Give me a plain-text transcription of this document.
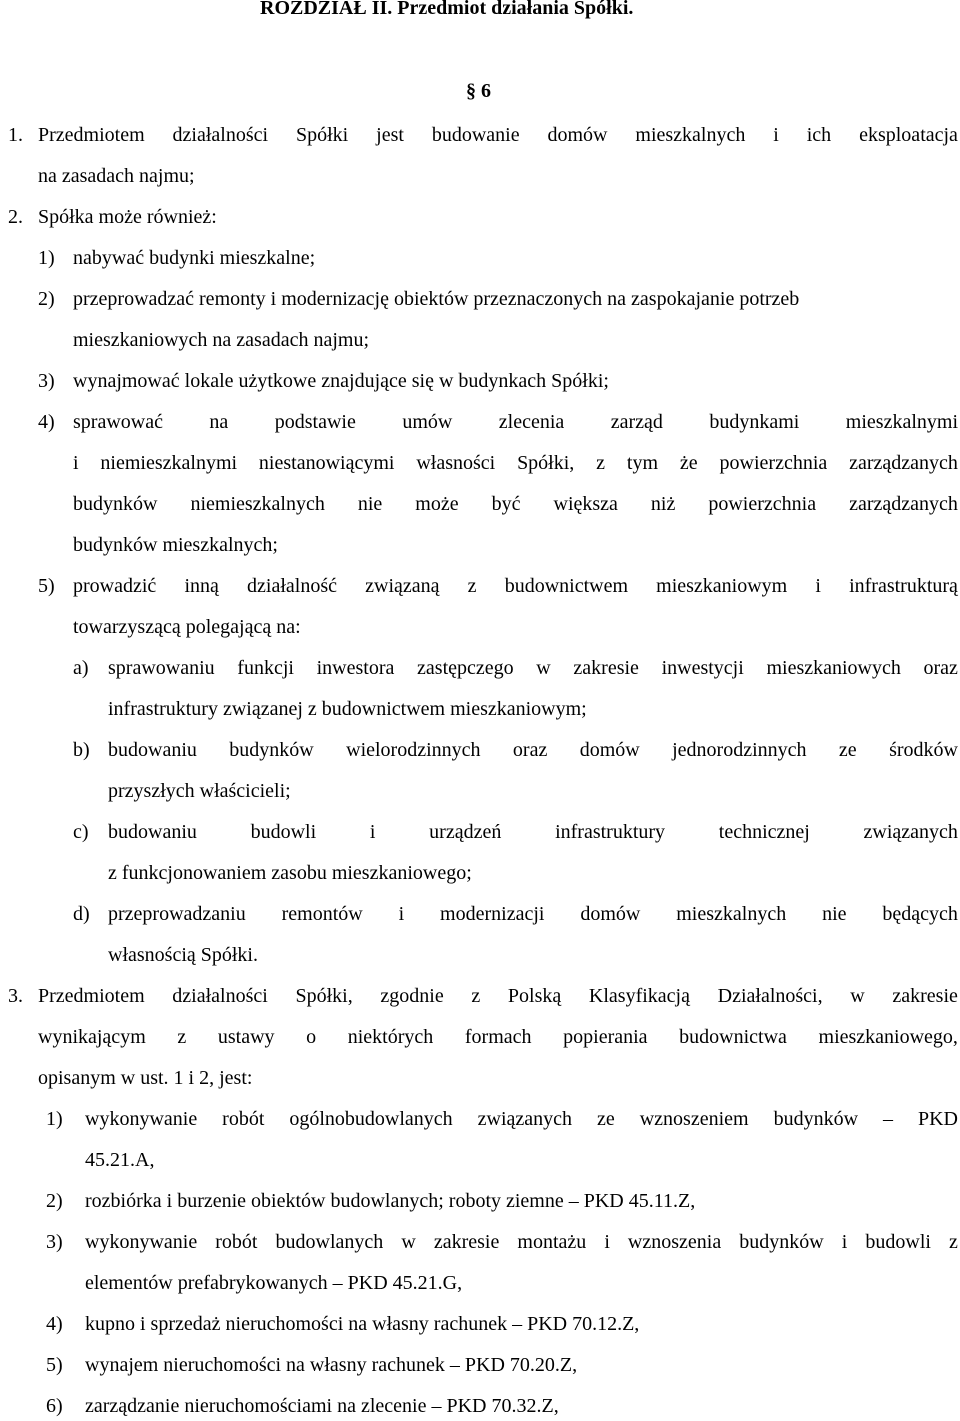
ROZDZIAŁ II. Przedmiot działania Spółki.
§ 6
1. Przedmiotem działalności Spółki jest budowanie domów mieszkalnych i ich eksploatacja
na zasadach najmu;
2. Spółka może również:
1) nabywać budynki mieszkalne;
2) przeprowadzać remonty i modernizację obiektów przeznaczonych na zaspokajanie potrzeb
mieszkaniowych na zasadach najmu;
3) wynajmować lokale użytkowe znajdujące się w budynkach Spółki;
4) sprawować na podstawie umów zlecenia zarząd budynkami mieszkalnymi
i niemieszkalnymi niestanowiącymi własności Spółki, z tym że powierzchnia zarządzanych
budynków niemieszkalnych nie może być większa niż powierzchnia zarządzanych
budynków mieszkalnych;
5) prowadzić inną działalność związaną z budownictwem mieszkaniowym i infrastrukturą
towarzyszącą polegającą na:
a) sprawowaniu funkcji inwestora zastępczego w zakresie inwestycji mieszkaniowych oraz
infrastruktury związanej z budownictwem mieszkaniowym;
b) budowaniu budynków wielorodzinnych oraz domów jednorodzinnych ze środków
przyszłych właścicieli;
c) budowaniu	budowli	i	urządzeń	infrastruktury	technicznej	związanych
z funkcjonowaniem zasobu mieszkaniowego;
d) przeprowadzaniu remontów i modernizacji domów mieszkalnych nie będących
własnością Spółki.
3. Przedmiotem działalności Spółki, zgodnie z Polską Klasyfikacją Działalności, w zakresie
wynikającym z ustawy o niektórych formach popierania budownictwa mieszkaniowego,
opisanym w ust. 1 i 2, jest:
1) wykonywanie robót ogólnobudowlanych związanych ze wznoszeniem budynków – PKD
45.21.A,
2) rozbiórka i burzenie obiektów budowlanych; roboty ziemne – PKD 45.11.Z,
3) wykonywanie robót budowlanych w zakresie montażu i wznoszenia budynków i budowli z
elementów prefabrykowanych – PKD 45.21.G,
4) kupno i sprzedaż nieruchomości na własny rachunek – PKD 70.12.Z,
5) wynajem nieruchomości na własny rachunek – PKD 70.20.Z,
6) zarządzanie nieruchomościami na zlecenie – PKD 70.32.Z,
